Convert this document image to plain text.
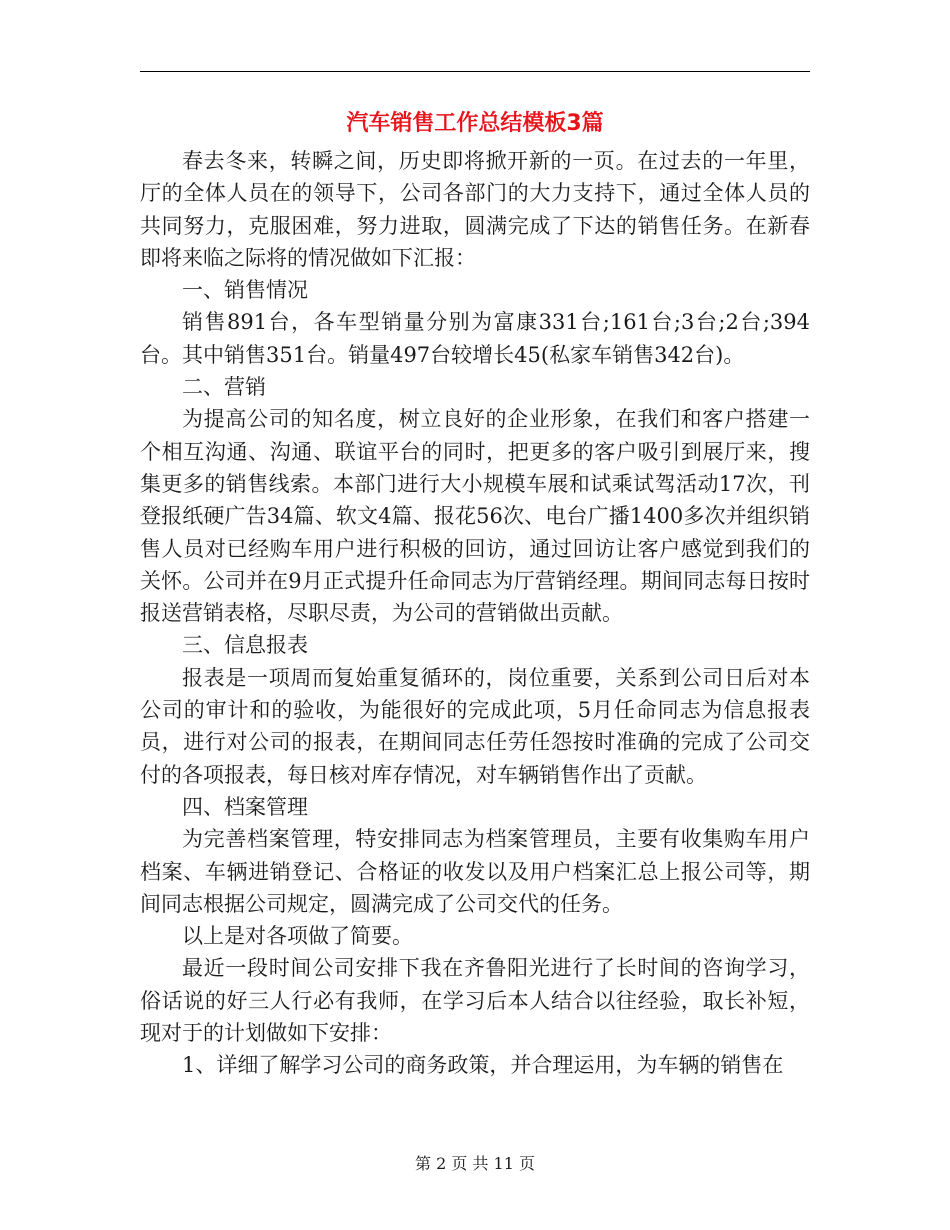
汽车销售工作总结模板3篇

春去冬来，转瞬之间，历史即将掀开新的一页。在过去的一年里，厅的全体人员在的领导下，公司各部门的大力支持下，通过全体人员的共同努力，克服困难，努力进取，圆满完成了下达的销售任务。在新春即将来临之际将的情况做如下汇报：

一、销售情况

销售891台，各车型销量分别为富康331台;161台;3台;2台;394台。其中销售351台。销量497台较增长45(私家车销售342台)。

二、营销

为提高公司的知名度，树立良好的企业形象，在我们和客户搭建一个相互沟通、沟通、联谊平台的同时，把更多的客户吸引到展厅来，搜集更多的销售线索。本部门进行大小规模车展和试乘试驾活动17次，刊登报纸硬广告34篇、软文4篇、报花56次、电台广播1400多次并组织销售人员对已经购车用户进行积极的回访，通过回访让客户感觉到我们的关怀。公司并在9月正式提升任命同志为厅营销经理。期间同志每日按时报送营销表格，尽职尽责，为公司的营销做出贡献。

三、信息报表

报表是一项周而复始重复循环的，岗位重要，关系到公司日后对本公司的审计和的验收，为能很好的完成此项，5月任命同志为信息报表员，进行对公司的报表，在期间同志任劳任怨按时准确的完成了公司交付的各项报表，每日核对库存情况，对车辆销售作出了贡献。

四、档案管理

为完善档案管理，特安排同志为档案管理员，主要有收集购车用户档案、车辆进销登记、合格证的收发以及用户档案汇总上报公司等，期间同志根据公司规定，圆满完成了公司交代的任务。

以上是对各项做了简要。

最近一段时间公司安排下我在齐鲁阳光进行了长时间的咨询学习，俗话说的好三人行必有我师，在学习后本人结合以往经验，取长补短，现对于的计划做如下安排：

1、详细了解学习公司的商务政策，并合理运用，为车辆的销售在

第 2 页 共 11 页
